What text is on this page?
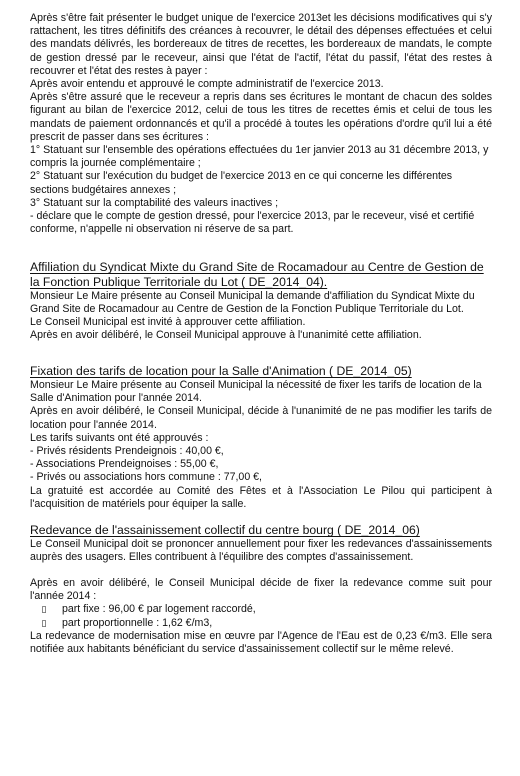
Après s'être fait présenter le budget unique de l'exercice 2013et les décisions modificatives qui s'y rattachent, les titres définitifs des créances à recouvrer, le détail des dépenses effectuées et celui des mandats délivrés, les bordereaux de titres de recettes, les bordereaux de mandats, le compte de gestion dressé par le receveur, ainsi que l'état de l'actif, l'état du passif, l'état des restes à recouvrer et l'état des restes à payer :

Après avoir entendu et approuvé le compte administratif de l'exercice 2013.

Après s'être assuré que le receveur a repris dans ses écritures le montant de chacun des soldes figurant au bilan de l'exercice 2012, celui de tous les titres de recettes émis et celui de tous les mandats de paiement ordonnancés et qu'il a procédé à toutes les opérations d'ordre qu'il lui a été prescrit de passer dans ses écritures :

1° Statuant sur l'ensemble des opérations effectuées du 1er janvier 2013 au 31 décembre 2013, y compris la journée complémentaire ;

2° Statuant sur l'exécution du budget de l'exercice 2013 en ce qui concerne les différentes sections budgétaires annexes ;

3° Statuant sur la comptabilité des valeurs inactives ;

- déclare que le compte de gestion dressé, pour l'exercice 2013, par le receveur, visé et certifié conforme, n'appelle ni observation ni réserve de sa part.

Affiliation du Syndicat Mixte du Grand Site de Rocamadour au Centre de Gestion de la Fonction Publique Territoriale du Lot ( DE_2014_04).

Monsieur Le Maire présente au Conseil Municipal la demande d'affiliation du Syndicat Mixte du Grand Site de Rocamadour au Centre de Gestion de la Fonction Publique Territoriale du Lot.

Le Conseil Municipal est invité à approuver cette affiliation.

Après en avoir délibéré, le Conseil Municipal approuve à l'unanimité cette affiliation.

Fixation des tarifs de location pour la Salle d'Animation ( DE_2014_05)

Monsieur Le Maire présente au Conseil Municipal la nécessité de fixer les tarifs de location de la Salle d'Animation pour l'année 2014.

Après en avoir délibéré, le Conseil Municipal, décide à l'unanimité de ne pas modifier les tarifs de location pour l'année 2014.

Les tarifs suivants ont été approuvés :

- Privés résidents Prendeignois : 40,00 €,

- Associations Prendeignoises : 55,00 €,

- Privés ou associations hors commune : 77,00 €,

La gratuité est accordée au Comité des Fêtes et à l'Association Le Pilou qui participent à l'acquisition de matériels pour équiper la salle.

Redevance de l'assainissement collectif du centre bourg ( DE_2014_06)

Le Conseil Municipal doit se prononcer annuellement pour fixer les redevances d'assainissements auprès des usagers. Elles contribuent à l'équilibre des comptes d'assainissement.

Après en avoir délibéré, le Conseil Municipal décide de fixer la redevance comme suit pour l'année 2014 :

▯	part fixe : 96,00 € par logement raccordé,

▯	part proportionnelle : 1,62 €/m3,

La redevance de modernisation mise en œuvre par l'Agence de l'Eau est de 0,23 €/m3. Elle sera notifiée aux habitants bénéficiant du service d'assainissement collectif sur le même relevé.
